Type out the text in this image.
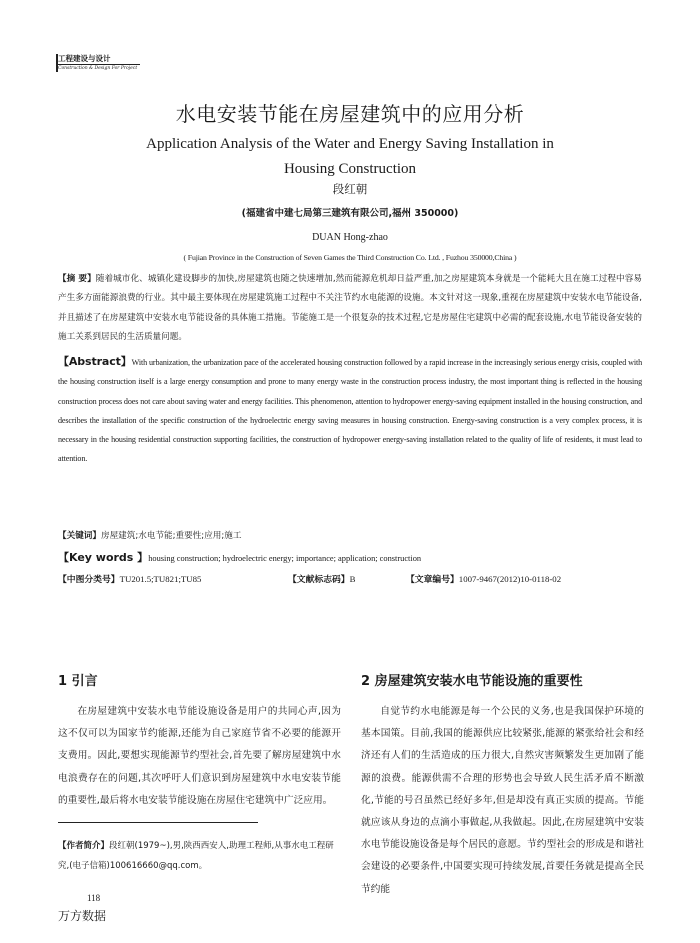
工程建设与设计
Construction & Design For Project
水电安装节能在房屋建筑中的应用分析
Application Analysis of the Water and Energy Saving Installation in
Housing Construction
段红朝
(福建省中建七局第三建筑有限公司,福州 350000)
DUAN Hong-zhao
( Fujian Province in the Construction of Seven Games the Third Construction Co. Ltd. , Fuzhou 350000,China )
【摘 要】随着城市化、城镇化建设脚步的加快,房屋建筑也随之快速增加,然而能源危机却日益严重,加之房屋建筑本身就是一个能耗大且在施工过程中容易产生多方面能源浪费的行业。其中最主要体现在房屋建筑施工过程中不关注节约水电能源的设施。本文针对这一现象,重视在房屋建筑中安装水电节能设备,并且描述了在房屋建筑中安装水电节能设备的具体施工措施。节能施工是一个很复杂的技术过程,它是房屋住宅建筑中必需的配套设施,水电节能设备安装的施工关系到居民的生活质量问题。
【Abstract】With urbanization, the urbanization pace of the accelerated housing construction followed by a rapid increase in the increasingly serious energy crisis, coupled with the housing construction itself is a large energy consumption and prone to many energy waste in the construction process industry, the most important thing is reflected in the housing construction process does not care about saving water and energy facilities. This phenomenon, attention to hydropower energy-saving equipment installed in the housing construction, and describes the installation of the specific construction of the hydroelectric energy saving measures in housing construction. Energy-saving construction is a very complex process, it is necessary in the housing residential construction supporting facilities, the construction of hydropower energy-saving installation related to the quality of life of residents, it must lead to attention.
【关键词】房屋建筑;水电节能;重要性;应用;施工
【Key words 】housing construction; hydroelectric energy; importance; application; construction
【中图分类号】TU201.5;TU821;TU85	【文献标志码】B	【文章编号】1007-9467(2012)10-0118-02
1 引言	2 房屋建筑安装水电节能设施的重要性
在房屋建筑中安装水电节能设施设备是用户的共同心声,因为这不仅可以为国家节约能源,还能为自己家庭节省不必要的能源开支费用。因此,要想实现能源节约型社会,首先要了解房屋建筑中水电浪费存在的问题,其次呼吁人们意识到房屋建筑中水电安装节能的重要性,最后将水电安装节能设施在房屋住宅建筑中广泛应用。
自觉节约水电能源是每一个公民的义务,也是我国保护环境的基本国策。目前,我国的能源供应比较紧张,能源的紧张给社会和经济还有人们的生活造成的压力很大,自然灾害频繁发生更加剧了能源的浪费。能源供需不合理的形势也会导致人民生活矛盾不断激化,节能的号召虽然已经好多年,但是却没有真正实质的提高。节能就应该从身边的点滴小事做起,从我做起。因此,在房屋建筑中安装水电节能设施设备是每个居民的意愿。节约型社会的形成是和谐社会建设的必要条件,中国要实现可持续发展,首要任务就是提高全民节约能
【作者简介】段红朝(1979~),男,陕西西安人,助理工程师,从事水电工程研究,(电子信箱)100616660@qq.com。
118
万方数据
